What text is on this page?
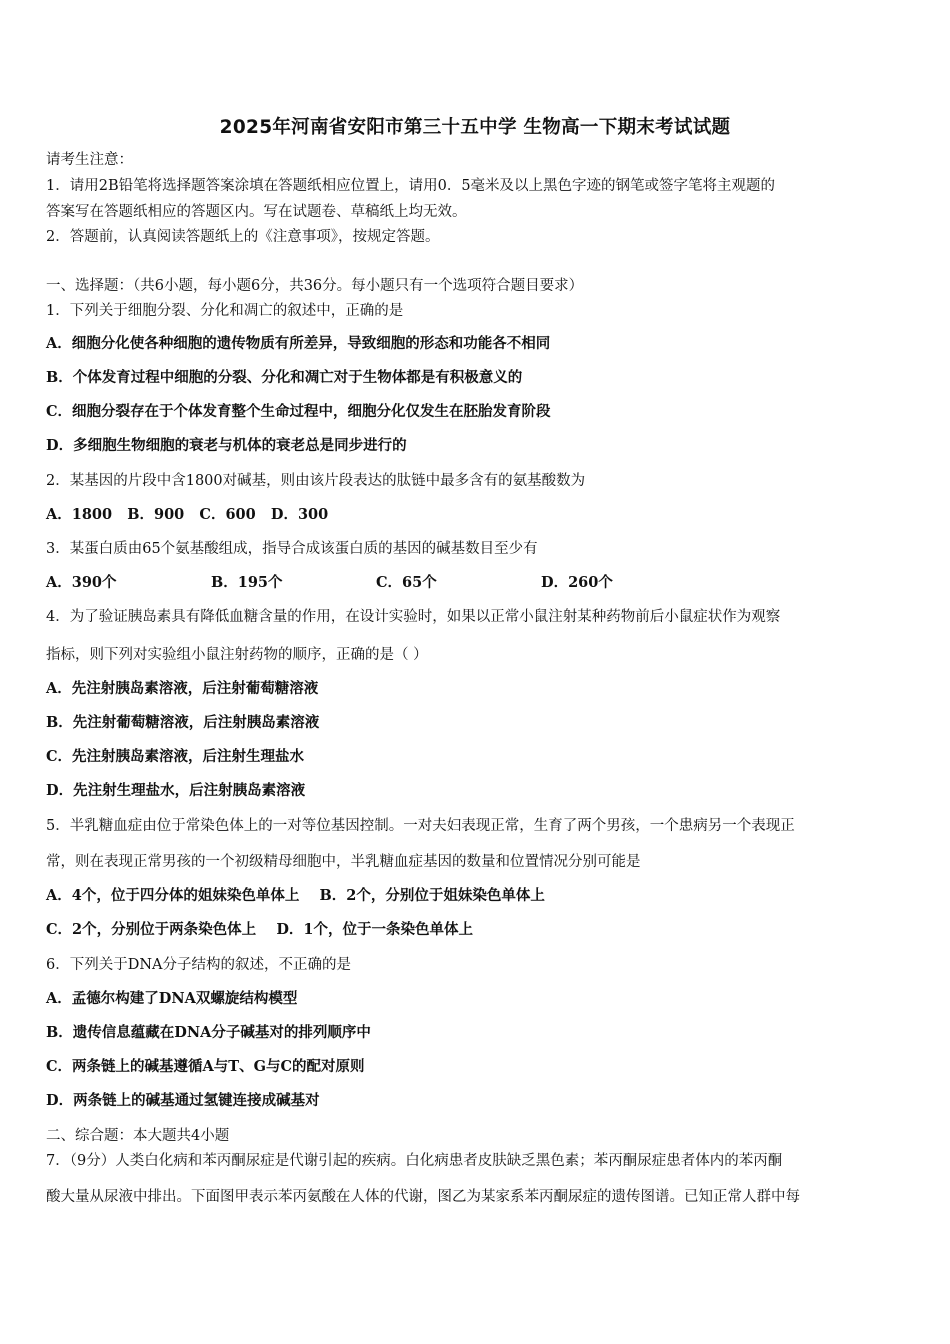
2025年河南省安阳市第三十五中学 生物高一下期末考试试题
请考生注意：
1．请用2B铅笔将选择题答案涂填在答题纸相应位置上，请用0．5毫米及以上黑色字迹的钢笔或签字笔将主观题的
答案写在答题纸相应的答题区内。写在试题卷、草稿纸上均无效。
2．答题前，认真阅读答题纸上的《注意事项》，按规定答题。
一、选择题：（共6小题，每小题6分，共36分。每小题只有一个选项符合题目要求）
1．下列关于细胞分裂、分化和凋亡的叙述中，正确的是
A．细胞分化使各种细胞的遗传物质有所差异，导致细胞的形态和功能各不相同
B．个体发育过程中细胞的分裂、分化和凋亡对于生物体都是有积极意义的
C．细胞分裂存在于个体发育整个生命过程中，细胞分化仅发生在胚胎发育阶段
D．多细胞生物细胞的衰老与机体的衰老总是同步进行的
2．某基因的片段中含1800对碱基，则由该片段表达的肽链中最多含有的氨基酸数为
A．1800   B．900   C．600   D．300
3．某蛋白质由65个氨基酸组成，指导合成该蛋白质的基因的碱基数目至少有
A．390个	B．195个	C．65个	D．260个
4．为了验证胰岛素具有降低血糖含量的作用，在设计实验时，如果以正常小鼠注射某种药物前后小鼠症状作为观察
指标，则下列对实验组小鼠注射药物的顺序，正确的是（ ）
A．先注射胰岛素溶液，后注射葡萄糖溶液
B．先注射葡萄糖溶液，后注射胰岛素溶液
C．先注射胰岛素溶液，后注射生理盐水
D．先注射生理盐水，后注射胰岛素溶液
5．半乳糖血症由位于常染色体上的一对等位基因控制。一对夫妇表现正常，生育了两个男孩，一个患病另一个表现正
常，则在表现正常男孩的一个初级精母细胞中，半乳糖血症基因的数量和位置情况分别可能是
A．4个，位于四分体的姐妹染色单体上    B．2个，分别位于姐妹染色单体上
C．2个，分别位于两条染色体上    D．1个，位于一条染色单体上
6．下列关于DNA分子结构的叙述，不正确的是
A．孟德尔构建了DNA双螺旋结构模型
B．遗传信息蕴藏在DNA分子碱基对的排列顺序中
C．两条链上的碱基遵循A与T、G与C的配对原则
D．两条链上的碱基通过氢键连接成碱基对
二、综合题：本大题共4小题
7．（9分）人类白化病和苯丙酮尿症是代谢引起的疾病。白化病患者皮肤缺乏黑色素；苯丙酮尿症患者体内的苯丙酮
酸大量从尿液中排出。下面图甲表示苯丙氨酸在人体的代谢，图乙为某家系苯丙酮尿症的遗传图谱。已知正常人群中每
